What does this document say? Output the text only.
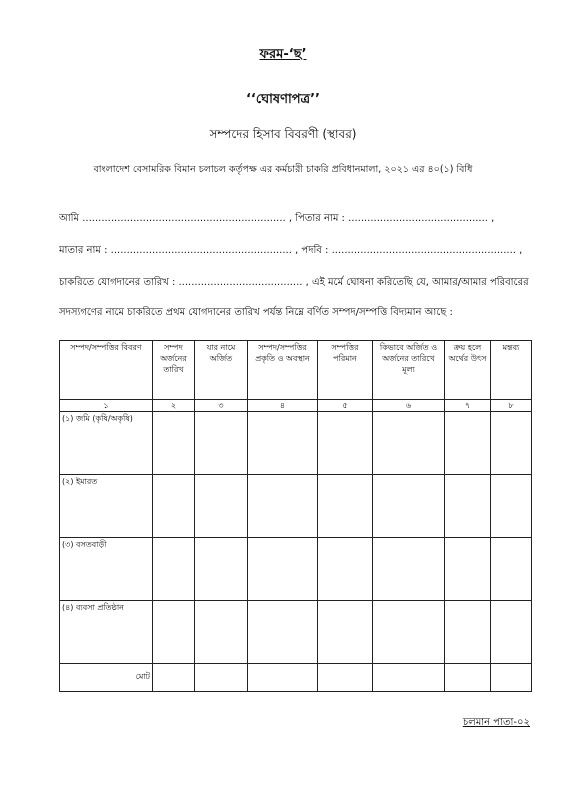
ফরম-‘ছ’
‘‘ঘোষণাপত্র’’
সম্পদের হিসাব বিবরণী (স্থাবর)
বাংলাদেশ বেসামরিক বিমান চলাচল কর্তৃপক্ষ এর কর্মচারী চাকরি প্রবিধানমালা, ২০২১ এর ৪০(১) বিধি
আমি ................................................................ , পিতার নাম : ............................................ ,
মাতার নাম : ......................................................... , পদবি : .......................................................... ,
চাকরিতে যোগদানের তারিখ : ....................................... , এই মর্মে ঘোষনা করিতেছি যে, আমার/আমার পরিবারের
সদস্যগণের নামে চাকরিতে প্রথম যোগদানের তারিখ পর্যন্ত নিম্নে বর্ণিত সম্পদ/সম্পত্তি বিদ্যমান আছে :
সম্পদ/সম্পত্তির বিবরণ	সম্পদ অর্জনের তারিখ	যার নামে অর্জিত	সম্পদ/সম্পত্তির প্রকৃতি ও অবস্থান	সম্পত্তির পরিমান	কিভাবে অর্জিত ও অর্জনের তারিখে মূল্য	ক্রয় হলে অর্থের উৎস	মন্তব্য
১	২	৩	৪	৫	৬	৭	৮
(১) জমি (কৃষি/অকৃষি)							
(২) ইমারত							
(৩) বসতবাড়ী							
(৪) ব্যবসা প্রতিষ্ঠান							
মোট							
চলমান পাতা-০২
